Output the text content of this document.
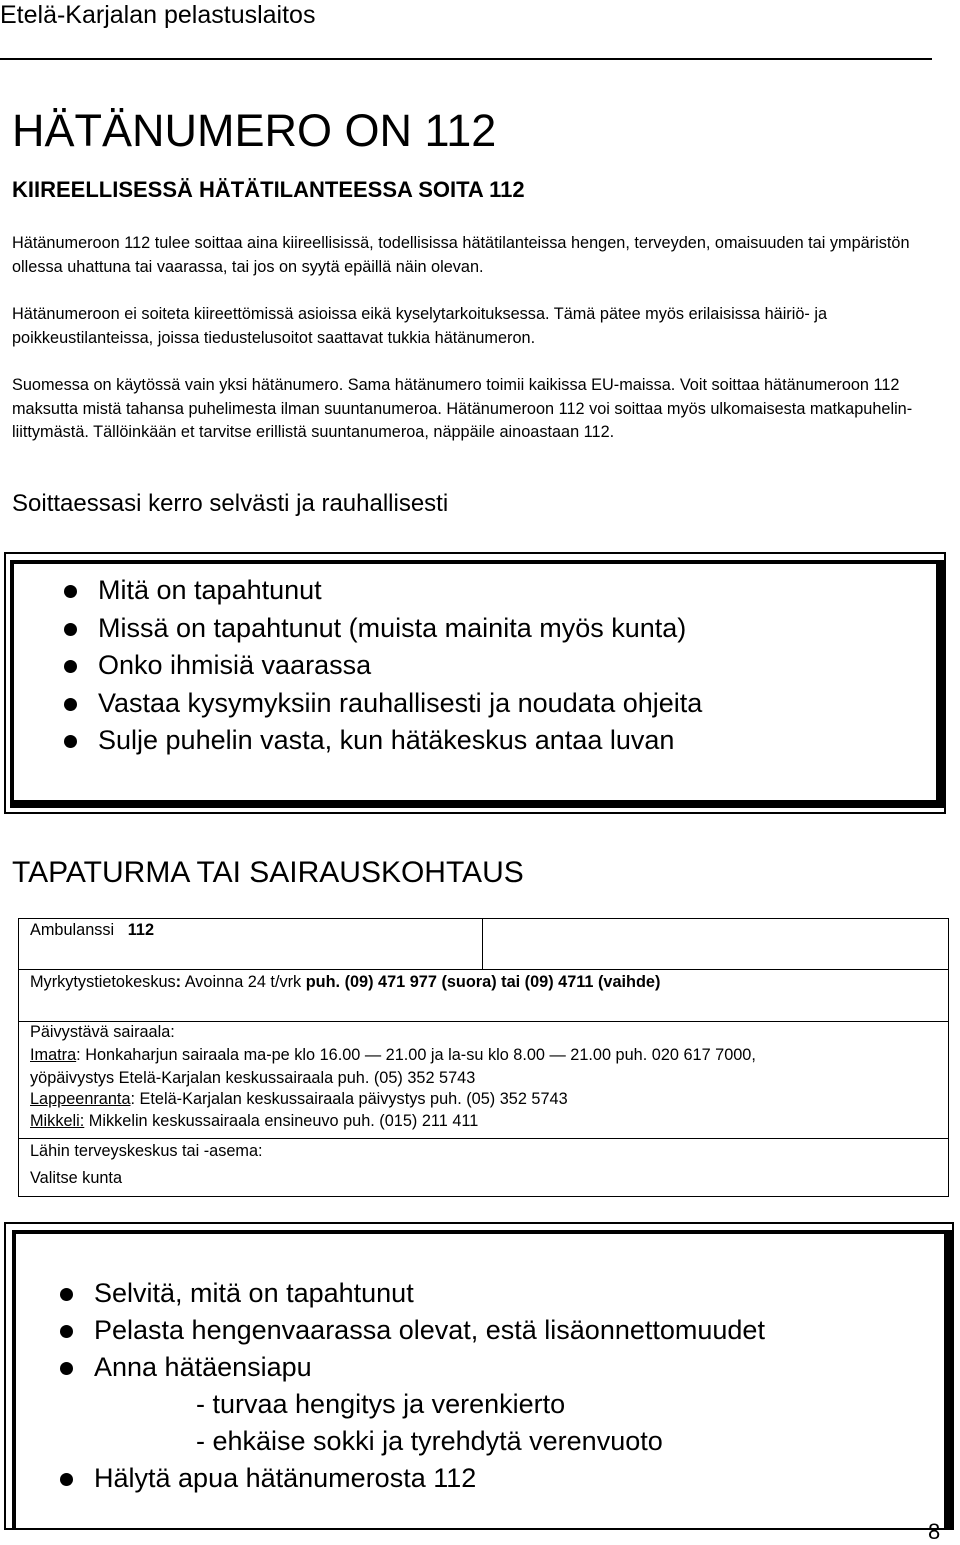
Etelä-Karjalan pelastuslaitos
HÄTÄNUMERO ON 112
KIIREELLISESSÄ HÄTÄTILANTEESSA SOITA 112
Hätänumeroon 112 tulee soittaa aina kiireellisissä, todellisissa hätätilanteissa hengen, terveyden, omaisuuden tai ympäristön ollessa uhattuna tai vaarassa, tai jos on syytä epäillä näin olevan.
Hätänumeroon ei soiteta kiireettömissä asioissa eikä kyselytarkoituksessa. Tämä pätee myös erilaisissa häiriö- ja poikkeustilanteissa, joissa tiedustelusoitot saattavat tukkia hätänumeron.
Suomessa on käytössä vain yksi hätänumero. Sama hätänumero toimii kaikissa EU-maissa. Voit soittaa hätänumeroon 112 maksutta mistä tahansa puhelimesta ilman suuntanumeroa. Hätänumeroon 112 voi soittaa myös ulkomaisesta matkapuhelin-liittymästä. Tällöinkään et tarvitse erillistä suuntanumeroa, näppäile ainoastaan 112.
Soittaessasi kerro selvästi ja rauhallisesti
Mitä on tapahtunut
Missä on tapahtunut (muista mainita myös kunta)
Onko ihmisiä vaarassa
Vastaa kysymyksiin rauhallisesti ja noudata ohjeita
Sulje puhelin vasta, kun hätäkeskus antaa luvan
TAPATURMA TAI SAIRAUSKOHTAUS
Ambulanssi 112
Myrkytystietokeskus: Avoinna 24 t/vrk puh. (09) 471 977 (suora) tai (09) 4711 (vaihde)
Päivystävä sairaala:
Imatra: Honkaharjun sairaala ma-pe klo 16.00 — 21.00 ja la-su klo 8.00 — 21.00 puh. 020 617 7000,
yöpäivystys Etelä-Karjalan keskussairaala puh. (05) 352 5743
Lappeenranta: Etelä-Karjalan keskussairaala päivystys puh. (05) 352 5743
Mikkeli: Mikkelin keskussairaala ensineuvo puh. (015) 211 411
Lähin terveyskeskus tai -asema:
Valitse kunta
Selvitä, mitä on tapahtunut
Pelasta hengenvaarassa olevat, estä lisäonnettomuudet
Anna hätäensiapu
- turvaa hengitys ja verenkierto
- ehkäise sokki ja tyrehdytä verenvuoto
Hälytä apua hätänumerosta 112
8
